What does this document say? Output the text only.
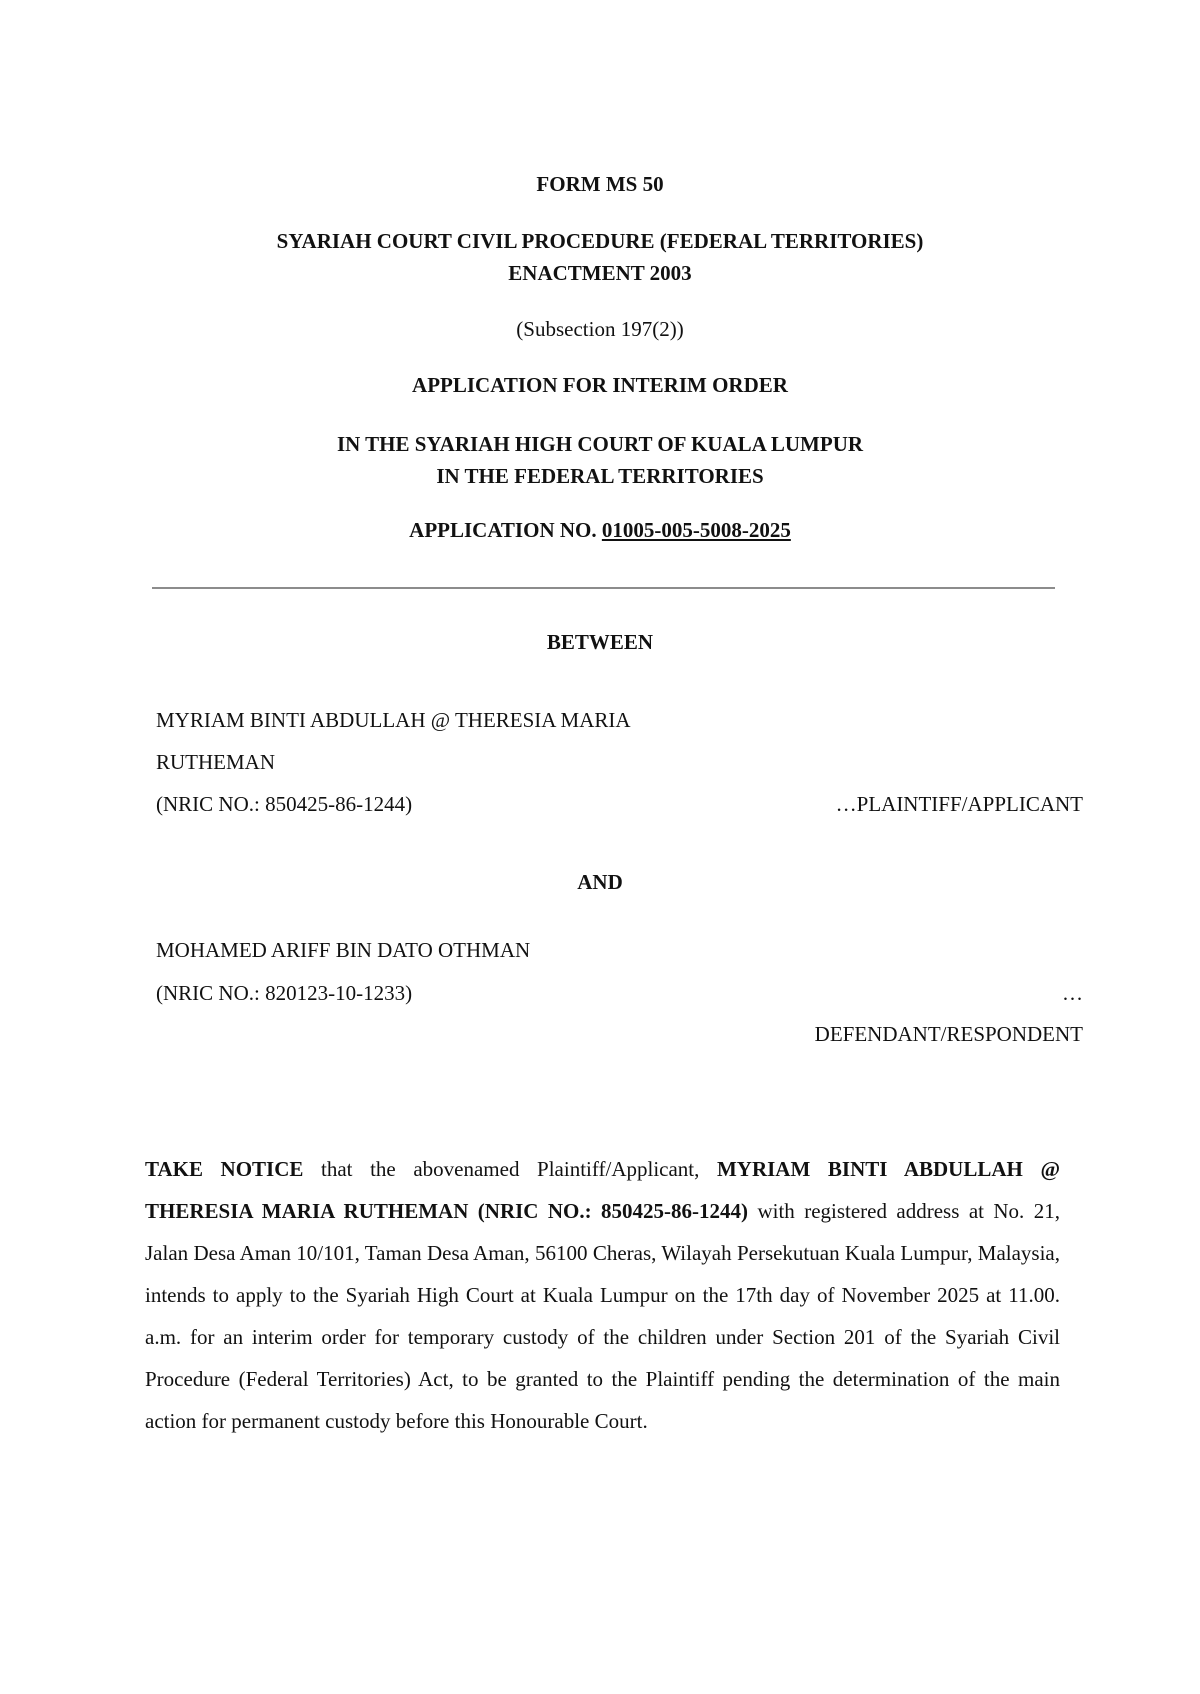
FORM MS 50
SYARIAH COURT CIVIL PROCEDURE (FEDERAL TERRITORIES)
ENACTMENT 2003
(Subsection 197(2))
APPLICATION FOR INTERIM ORDER
IN THE SYARIAH HIGH COURT OF KUALA LUMPUR
IN THE FEDERAL TERRITORIES
APPLICATION NO. 01005-005-5008-2025
BETWEEN
MYRIAM BINTI ABDULLAH @ THERESIA MARIA
RUTHEMAN
(NRIC NO.: 850425-86-1244)	…PLAINTIFF/APPLICANT
AND
MOHAMED ARIFF BIN DATO OTHMAN
(NRIC NO.: 820123-10-1233)	…
DEFENDANT/RESPONDENT
TAKE NOTICE that the abovenamed Plaintiff/Applicant, MYRIAM BINTI ABDULLAH @ THERESIA MARIA RUTHEMAN (NRIC NO.: 850425-86-1244) with registered address at No. 21, Jalan Desa Aman 10/101, Taman Desa Aman, 56100 Cheras, Wilayah Persekutuan Kuala Lumpur, Malaysia, intends to apply to the Syariah High Court at Kuala Lumpur on the 17th day of November 2025 at 11.00. a.m. for an interim order for temporary custody of the children under Section 201 of the Syariah Civil Procedure (Federal Territories) Act, to be granted to the Plaintiff pending the determination of the main action for permanent custody before this Honourable Court.
